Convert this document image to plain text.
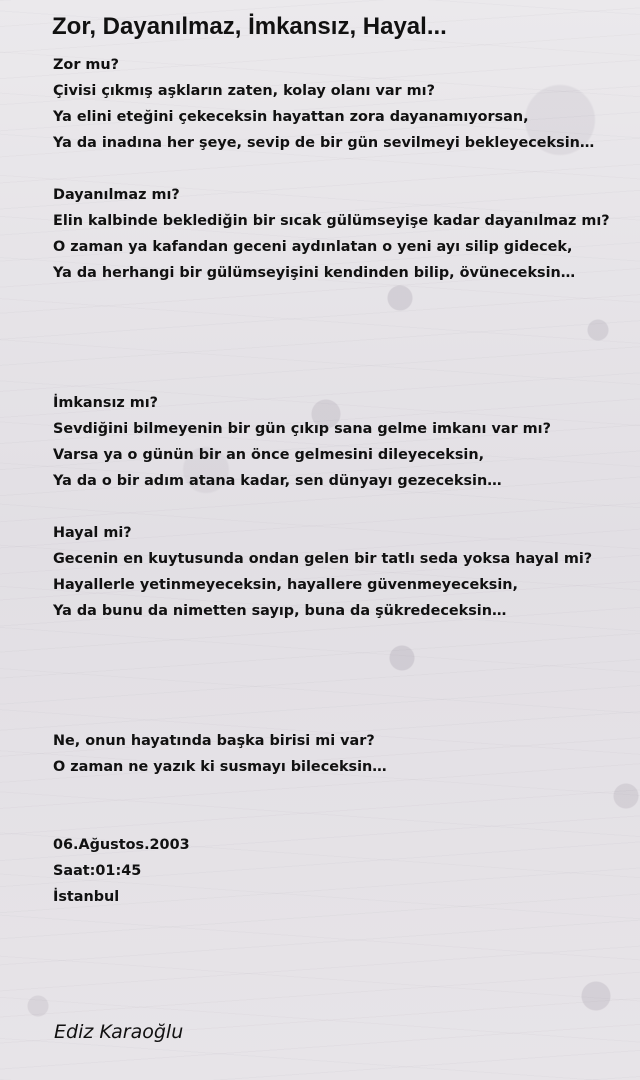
Zor, Dayanılmaz, İmkansız, Hayal...
Zor mu?
Çivisi çıkmış aşkların zaten, kolay olanı var mı?
Ya elini eteğini çekeceksin hayattan zora dayanamıyorsan,
Ya da inadına her şeye, sevip de bir gün sevilmeyi bekleyeceksin…
Dayanılmaz mı?
Elin kalbinde beklediğin bir sıcak gülümseyişe kadar dayanılmaz mı?
O zaman ya kafandan geceni aydınlatan o yeni ayı silip gidecek,
Ya da herhangi bir gülümseyişini kendinden bilip, övüneceksin…
İmkansız mı?
Sevdiğini bilmeyenin bir gün çıkıp sana gelme imkanı var mı?
Varsa ya o günün bir an önce gelmesini dileyeceksin,
Ya da o bir adım atana kadar, sen dünyayı gezeceksin…
Hayal mi?
Gecenin en kuytusunda ondan gelen bir tatlı seda yoksa hayal mi?
Hayallerle yetinmeyeceksin, hayallere güvenmeyeceksin,
Ya da bunu da nimetten sayıp, buna da şükredeceksin…
Ne, onun hayatında başka birisi mi var?
O zaman ne yazık ki susmayı bileceksin…
06.Ağustos.2003
Saat:01:45
İstanbul
Ediz Karaoğlu
